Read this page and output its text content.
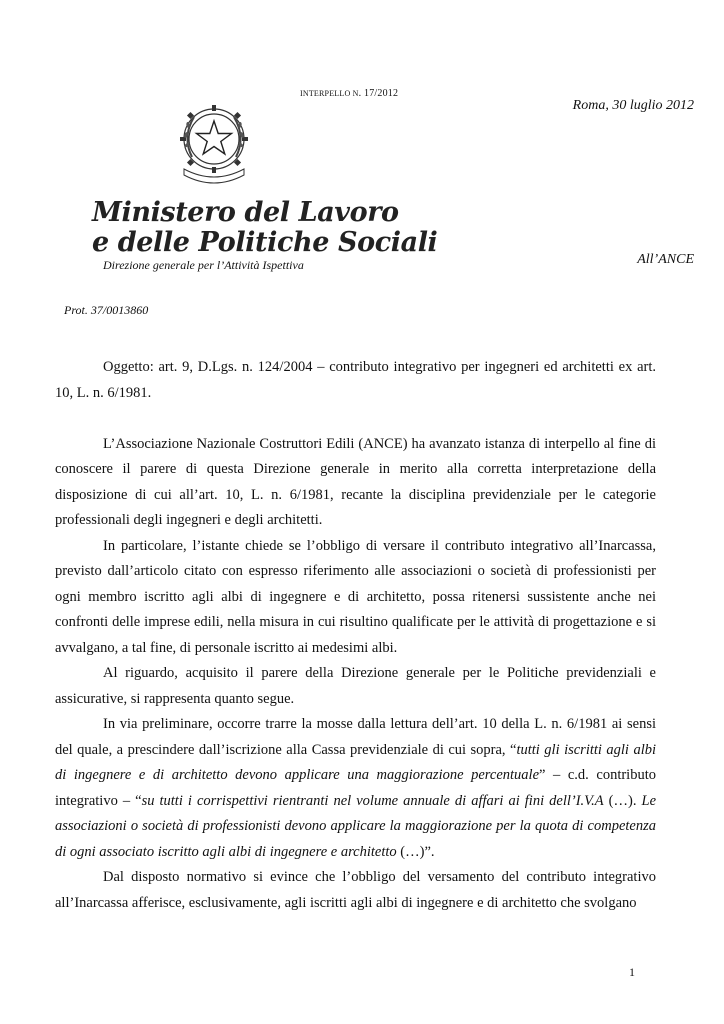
INTERPELLO N. 17/2012
Roma, 30 luglio 2012
Ministero del Lavoro
e delle Politiche Sociali
Direzione generale per l’Attività Ispettiva	All’ANCE
Prot. 37/0013860

Oggetto: art. 9, D.Lgs. n. 124/2004 – contributo integrativo per ingegneri ed architetti ex art. 10, L. n. 6/1981.

L’Associazione Nazionale Costruttori Edili (ANCE) ha avanzato istanza di interpello al fine di conoscere il parere di questa Direzione generale in merito alla corretta interpretazione della disposizione di cui all’art. 10, L. n. 6/1981, recante la disciplina previdenziale per le categorie professionali degli ingegneri e degli architetti.

In particolare, l’istante chiede se l’obbligo di versare il contributo integrativo all’Inarcassa, previsto dall’articolo citato con espresso riferimento alle associazioni o società di professionisti per ogni membro iscritto agli albi di ingegnere e di architetto, possa ritenersi sussistente anche nei confronti delle imprese edili, nella misura in cui risultino qualificate per le attività di progettazione e si avvalgano, a tal fine, di personale iscritto ai medesimi albi.

Al riguardo, acquisito il parere della Direzione generale per le Politiche previdenziali e assicurative, si rappresenta quanto segue.

In via preliminare, occorre trarre la mosse dalla lettura dell’art. 10 della L. n. 6/1981 ai sensi del quale, a prescindere dall’iscrizione alla Cassa previdenziale di cui sopra, “tutti gli iscritti agli albi di ingegnere e di architetto devono applicare una maggiorazione percentuale” – c.d. contributo integrativo – “su tutti i corrispettivi rientranti nel volume annuale di affari ai fini dell’I.V.A (…). Le associazioni o società di professionisti devono applicare la maggiorazione per la quota di competenza di ogni associato iscritto agli albi di ingegnere e architetto (…)”.

Dal disposto normativo si evince che l’obbligo del versamento del contributo integrativo all’Inarcassa afferisce, esclusivamente, agli iscritti agli albi di ingegnere e di architetto che svolgano

1
